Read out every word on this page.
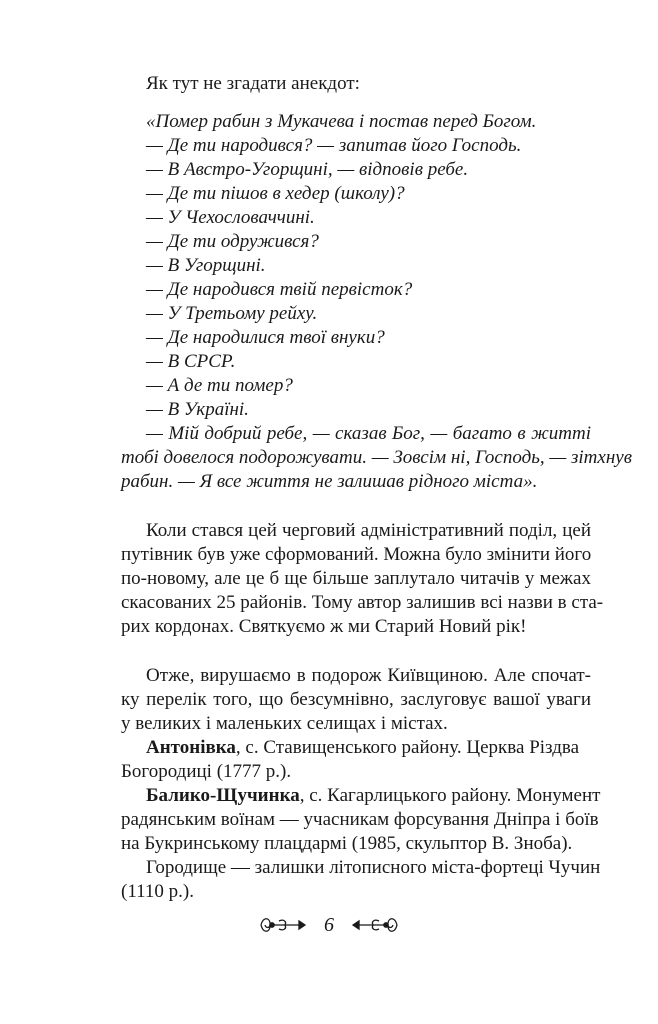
Як тут не згадати анекдот:
«Помер рабин з Мукачева і постав перед Богом.
— Де ти народився? — запитав його Господь.
— В Австро-Угорщині, — відповів ребе.
— Де ти пішов в хедер (школу)?
— У Чехословаччині.
— Де ти одружився?
— В Угорщині.
— Де народився твій первісток?
— У Третьому рейху.
— Де народилися твої внуки?
— В СРСР.
— А де ти помер?
— В Україні.
— Мій добрий ребе, — сказав Бог, — багато в житті
тобі довелося подорожувати. — Зовсім ні, Господь, — зітхнув
рабин. — Я все життя не залишав рідного міста».
Коли стався цей черговий адміністративний поділ, цей
путівник був уже сформований. Можна було змінити його
по-новому, але це б ще більше заплутало читачів у межах
скасованих 25 районів. Тому автор залишив всі назви в ста-
рих кордонах. Святкуємо ж ми Старий Новий рік!
Отже, вирушаємо в подорож Київщиною. Але спочат-
ку перелік того, що безсумнівно, заслуговує вашої уваги
у великих і маленьких селищах і містах.
Антонівка, с. Ставищенського району. Церква Різдва
Богородиці (1777 р.).
Балико-Щучинка, с. Кагарлицького району. Монумент
радянським воїнам — учасникам форсування Дніпра і боїв
на Букринському плацдармі (1985, скульптор В. Зноба).
Городище — залишки літописного міста-фортеці Чучин
(1110 р.).
6
